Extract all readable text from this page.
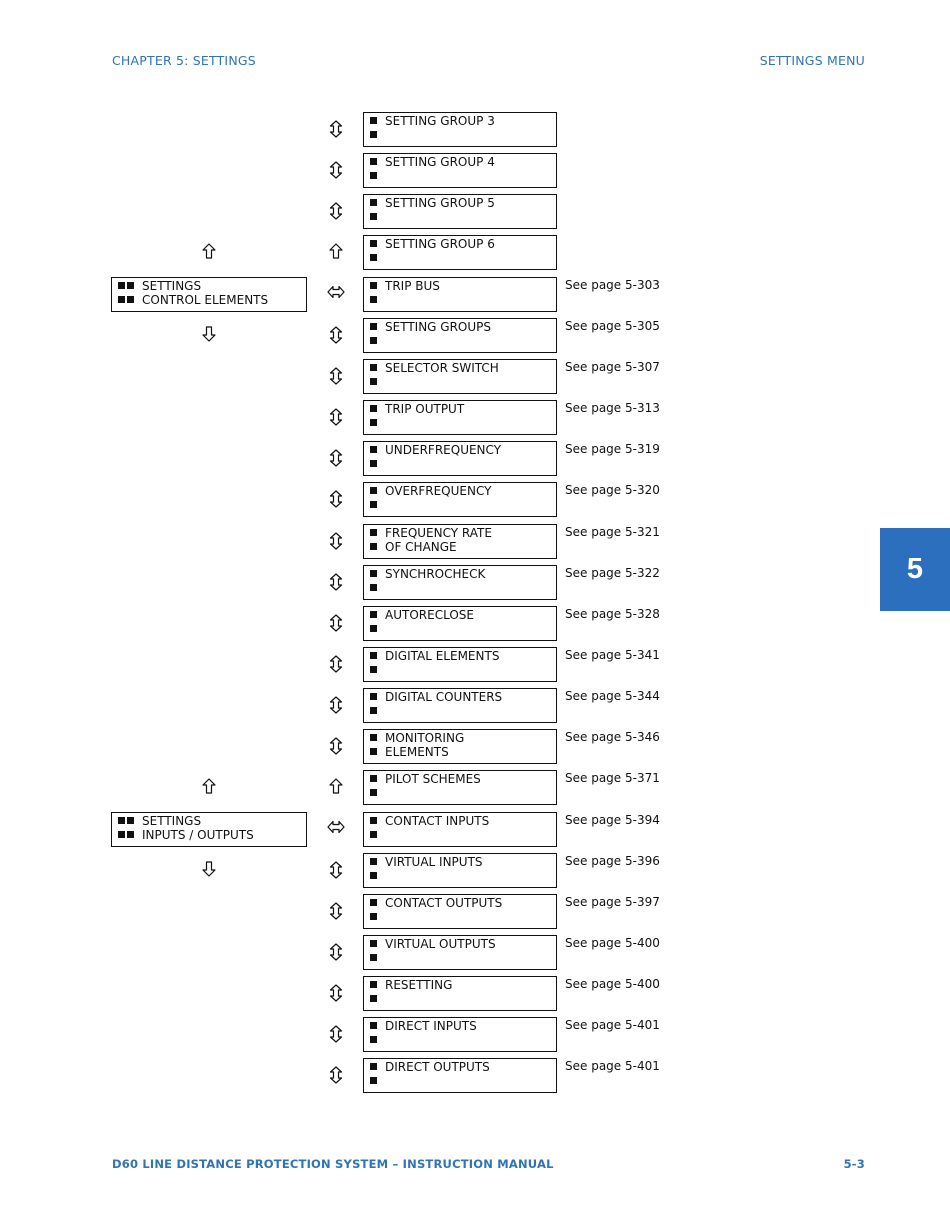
CHAPTER 5: SETTINGS	SETTINGS MENU
5
SETTING GROUP 3
SETTING GROUP 4
SETTING GROUP 5
SETTING GROUP 6
TRIP BUS	See page 5-303
SETTING GROUPS	See page 5-305
SELECTOR SWITCH	See page 5-307
TRIP OUTPUT	See page 5-313
UNDERFREQUENCY	See page 5-319
OVERFREQUENCY	See page 5-320
FREQUENCY RATE
OF CHANGE
See page 5-321
SYNCHROCHECK	See page 5-322
AUTORECLOSE	See page 5-328
DIGITAL ELEMENTS	See page 5-341
DIGITAL COUNTERS	See page 5-344
MONITORING
ELEMENTS
See page 5-346
PILOT SCHEMES	See page 5-371
CONTACT INPUTS	See page 5-394
VIRTUAL INPUTS	See page 5-396
CONTACT OUTPUTS	See page 5-397
VIRTUAL OUTPUTS	See page 5-400
RESETTING	See page 5-400
DIRECT INPUTS	See page 5-401
DIRECT OUTPUTS	See page 5-401
SETTINGS
CONTROL ELEMENTS
SETTINGS
INPUTS / OUTPUTS
D60 LINE DISTANCE PROTECTION SYSTEM – INSTRUCTION MANUAL	5-3
